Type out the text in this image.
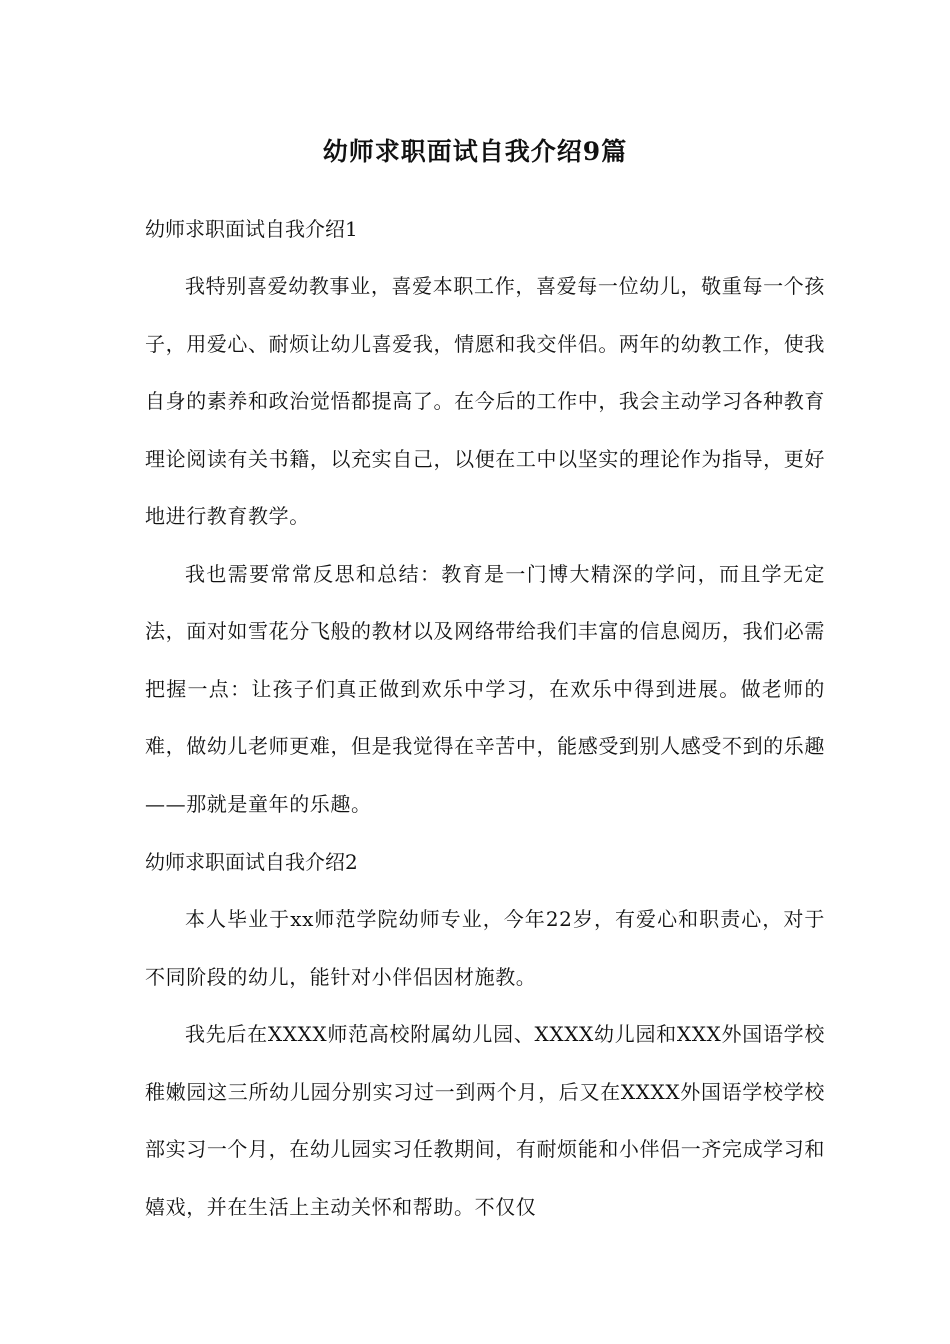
幼师求职面试自我介绍9篇
幼师求职面试自我介绍1

我特别喜爱幼教事业，喜爱本职工作，喜爱每一位幼儿，敬重每一个孩子，用爱心、耐烦让幼儿喜爱我，情愿和我交伴侣。两年的幼教工作，使我自身的素养和政治觉悟都提高了。在今后的工作中，我会主动学习各种教育理论阅读有关书籍，以充实自己，以便在工中以坚实的理论作为指导，更好地进行教育教学。

我也需要常常反思和总结：教育是一门博大精深的学问，而且学无定法，面对如雪花分飞般的教材以及网络带给我们丰富的信息阅历，我们必需把握一点：让孩子们真正做到欢乐中学习，在欢乐中得到进展。做老师的难，做幼儿老师更难，但是我觉得在辛苦中，能感受到别人感受不到的乐趣——那就是童年的乐趣。

幼师求职面试自我介绍2

本人毕业于xx师范学院幼师专业，今年22岁，有爱心和职责心，对于不同阶段的幼儿，能针对小伴侣因材施教。

我先后在XXXX师范高校附属幼儿园、XXXX幼儿园和XXX外国语学校稚嫩园这三所幼儿园分别实习过一到两个月，后又在XXXX外国语学校学校部实习一个月，在幼儿园实习任教期间，有耐烦能和小伴侣一齐完成学习和嬉戏，并在生活上主动关怀和帮助。不仅仅
